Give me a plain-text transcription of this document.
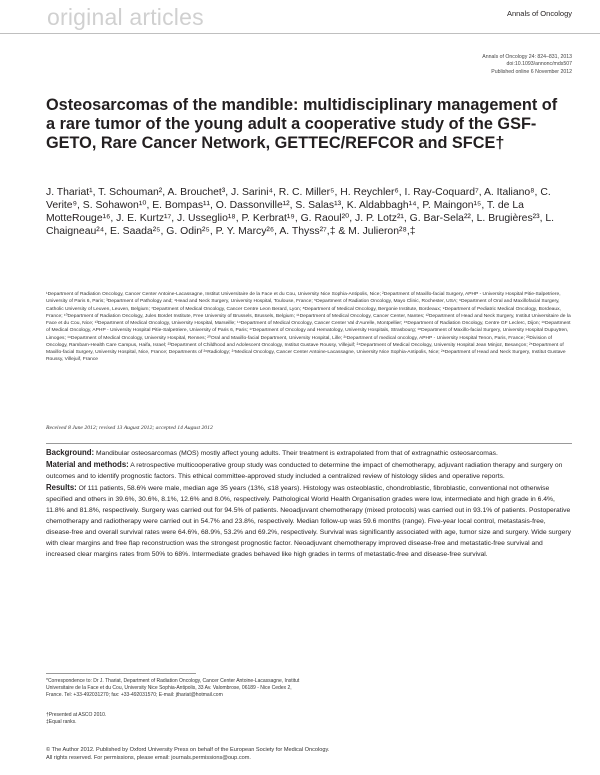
original articles	Annals of Oncology
Annals of Oncology 24: 824–831, 2013
doi:10.1093/annonc/mds507
Published online 6 November 2012
Osteosarcomas of the mandible: multidisciplinary management of a rare tumor of the young adult a cooperative study of the GSF-GETO, Rare Cancer Network, GETTEC/REFCOR and SFCE†
J. Thariat¹, T. Schouman², A. Brouchet³, J. Sarini⁴, R. C. Miller⁵, H. Reychler⁶, I. Ray-Coquard⁷, A. Italiano⁸, C. Verite⁹, S. Sohawon¹⁰, E. Bompas¹¹, O. Dassonville¹², S. Salas¹³, K. Aldabbagh¹⁴, P. Maingon¹⁵, T. de La MotteRouge¹⁶, J. E. Kurtz¹⁷, J. Usseglio¹⁸, P. Kerbrat¹⁹, G. Raoul²⁰, J. P. Lotz²¹, G. Bar-Sela²², L. Brugières²³, L. Chaigneau²⁴, E. Saada²⁵, G. Odin²⁵, P. Y. Marcy²⁶, A. Thyss²⁷,‡ & M. Julieron²⁸,‡
¹Department of Radiation Oncology, Cancer Center Antoine-Lacassagne, Institut Universitaire de la Face et du Cou, University Nice Sophia-Antipolis, Nice; ²Department of Maxillo-facial Surgery, APHP - University Hospital Pitie-Salpetriere, University of Paris 6, Paris; ³Department of Pathology and; ⁴Head and Neck Surgery, University Hospital, Toulouse, France; ⁵Department of Radiation Oncology, Mayo Clinic, Rochester, USA; ⁶Department of Oral and Maxillofacial Surgery, Catholic University of Leuven, Leuven, Belgium; ⁷Department of Medical Oncology, Cancer Centre Leon Berard, Lyon; ⁸Department of Medical Oncology, Bergonie Institute, Bordeaux; ⁹Department of Pediatric Medical Oncology, Bordeaux, France; ¹⁰Department of Radiation Oncology, Jules Bordet Institute, Free University of Brussels, Brussels, Belgium; ¹¹Department of Medical Oncology, Cancer Center, Nantes; ¹²Department of Head and Neck Surgery, Institut Universitaire de la Face et du Cou, Nice; ¹³Department of Medical Oncology, University Hospital, Marseille; ¹⁴Department of Medical Oncology, Cancer Center Val d'Aurelle, Montpellier; ¹⁵Department of Radiation Oncology, Centre GF Leclerc, Dijon; ¹⁶Department of Medical Oncology, APHP - University Hospital Pitie-Salpetriere, University of Paris 6, Paris; ¹⁷Department of Oncology and Hematology, University Hospitals, Strasbourg; ¹⁸Department of Maxillo-facial Surgery, University Hospital Dupuytren, Limoges; ¹⁹Department of Medical Oncology, University Hospital, Rennes; ²⁰Oral and Maxillo-facial Department, University Hospital, Lille; ²¹Department of medical oncology, APHP - University Hospital Tenon, Paris, France; ²²Division of Oncology, Rambam-Health Care Campus, Haifa, Israel; ²³Department of Childhood and Adolescent Oncology, Institut Gustave Roussy, Villejuif; ²⁴Department of Medical Oncology, University Hospital Jean Minjoz, Besançon; ²⁵Department of Maxillo-facial Surgery, University Hospital, Nice, France; Departments of ²⁶Radiology; ²⁷Medical Oncology, Cancer Center Antoine-Lacassagne, University Nice Sophia-Antipolis, Nice; ²⁸Department of Head and Neck Surgery, Institut Gustave Roussy, Villejuif, France
Received 8 June 2012; revised 13 August 2012; accepted 14 August 2012

Background: Mandibular osteosarcomas (MOS) mostly affect young adults. Their treatment is extrapolated from that of extragnathic osteosarcomas.

Material and methods: A retrospective multicooperative group study was conducted to determine the impact of chemotherapy, adjuvant radiation therapy and surgery on outcomes and to identify prognostic factors. This ethical committee-approved study included a centralized review of histology slides and operative reports.

Results: Of 111 patients, 58.6% were male, median age 35 years (13%, ≤18 years). Histology was osteoblastic, chondroblastic, fibroblastic, conventional not otherwise specified and others in 39.6%, 30.6%, 8.1%, 12.6% and 8.0%, respectively. Pathological World Health Organisation grades were low, intermediate and high grade in 6.4%, 11.8% and 81.8%, respectively. Surgery was carried out for 94.5% of patients. Neoadjuvant chemotherapy (mixed protocols) was carried out in 93.1% of patients. Postoperative chemotherapy and radiotherapy were carried out in 54.7% and 23.8%, respectively. Median follow-up was 59.6 months (range). Five-year local control, metastasis-free, disease-free and overall survival rates were 64.6%, 68.9%, 53.2% and 69.2%, respectively. Survival was significantly associated with age, tumor size and surgery. Wide surgery with clear margins and free flap reconstruction was the strongest prognostic factor. Neoadjuvant chemotherapy improved disease-free and metastatic-free survival and increased clear margins rates from 50% to 68%. Intermediate grades behaved like high grades in terms of metastatic-free and disease-free survival.

*Correspondence to: Dr J. Thariat, Department of Radiation Oncology, Cancer Center Antoine-Lacassagne, Institut Universitaire de la Face et du Cou, University Nice Sophia-Antipolis, 33 Av. Valombrose, 06189 - Nice Cedex 2, France. Tel: +33-492031270; fax: +33-492031570; E-mail: jthariat@hotmail.com
†Presented at ASCO 2010.
‡Equal ranks.
© The Author 2012. Published by Oxford University Press on behalf of the European Society for Medical Oncology.
All rights reserved. For permissions, please email: journals.permissions@oup.com.
